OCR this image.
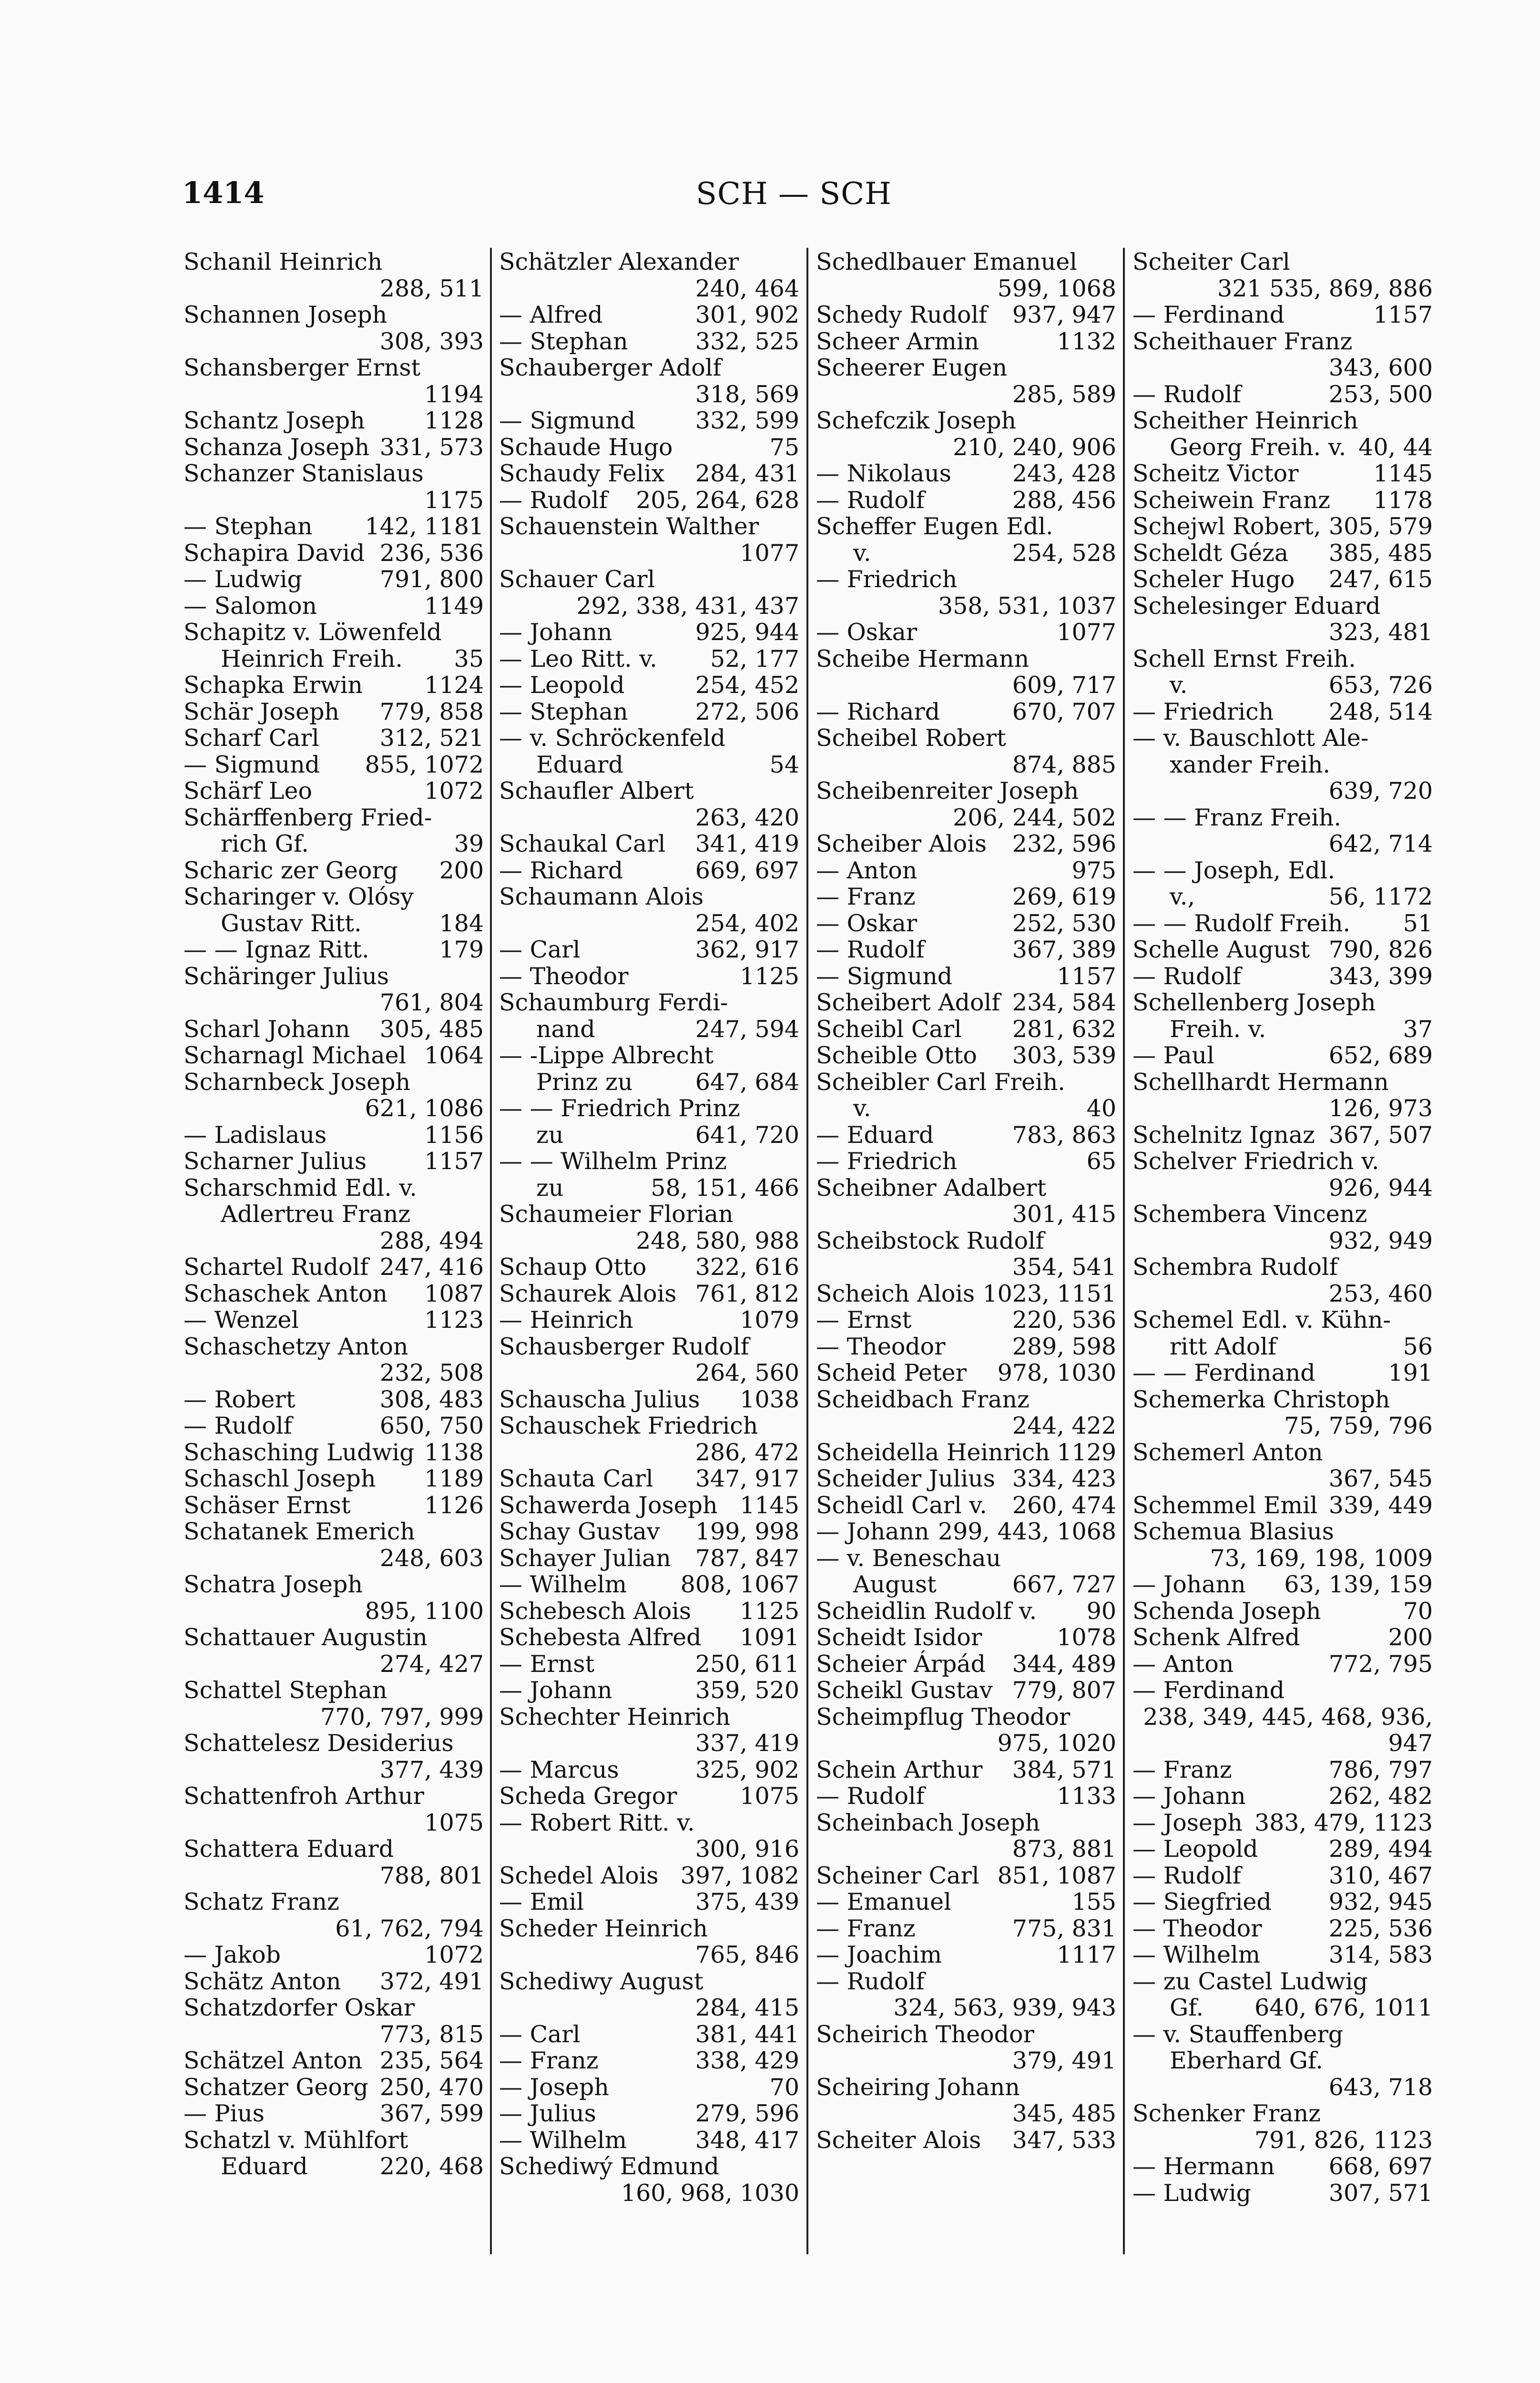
1414	SCH — SCH
Schanil Heinrich
288, 511
Schannen Joseph
308, 393
Schansberger Ernst
1194
Schantz Joseph	1128
Schanza Joseph 331, 573
Schanzer Stanislaus
1175
— Stephan 142, 1181
Schapira David 236, 536
— Ludwig	791, 800
— Salomon	1149
Schapitz v. Löwenfeld
Heinrich Freih. 35
Schapka Erwin	1124
Schär Joseph 779, 858
Scharf Carl	312, 521
— Sigmund 855, 1072
Schärf Leo	1072
Schärffenberg Fried-
rich Gf.	39
Scharic zer Georg 200
Scharinger v. Olósy
Gustav Ritt.	184
— — Ignaz Ritt.	179
Schäringer Julius
761, 804
Scharl Johann 305, 485
Scharnagl Michael 1064
Scharnbeck Joseph
621, 1086
— Ladislaus	1156
Scharner Julius 1157
Scharschmid Edl. v.
Adlertreu Franz
288, 494
Schartel Rudolf 247, 416
Schaschek Anton 1087
— Wenzel	1123
Schaschetzy Anton
232, 508
— Robert	308, 483
— Rudolf	650, 750
Schasching Ludwig 1138
Schaschl Joseph 1189
Schäser Ernst	1126
Schatanek Emerich
248, 603
Schatra Joseph
895, 1100
Schattauer Augustin
274, 427
Schattel Stephan
770, 797, 999
Schattelesz Desiderius
377, 439
Schattenfroh Arthur
1075
Schattera Eduard
788, 801
Schatz Franz
61, 762, 794
— Jakob	1072
Schätz Anton 372, 491
Schatzdorfer Oskar
773, 815
Schätzel Anton 235, 564
Schatzer Georg 250, 470
— Pius	367, 599
Schatzl v. Mühlfort
Eduard	220, 468
Schätzler Alexander
240, 464
— Alfred	301, 902
— Stephan	332, 525
Schauberger Adolf
318, 569
— Sigmund	332, 599
Schaude Hugo	75
Schaudy Felix 284, 431
— Rudolf 205, 264, 628
Schauenstein Walther
1077
Schauer Carl
292, 338, 431, 437
— Johann	925, 944
— Leo Ritt. v. 52, 177
— Leopold	254, 452
— Stephan	272, 506
— v. Schröckenfeld
Eduard	54
Schaufler Albert
263, 420
Schaukal Carl 341, 419
— Richard	669, 697
Schaumann Alois
254, 402
— Carl	362, 917
— Theodor	1125
Schaumburg Ferdi-
nand	247, 594
— -Lippe Albrecht
Prinz zu	647, 684
— — Friedrich Prinz
zu	641, 720
— — Wilhelm Prinz
zu	58, 151, 466
Schaumeier Florian
248, 580, 988
Schaup Otto 322, 616
Schaurek Alois 761, 812
— Heinrich	1079
Schausberger Rudolf
264, 560
Schauscha Julius 1038
Schauschek Friedrich
286, 472
Schauta Carl 347, 917
Schawerda Joseph 1145
Schay Gustav 199, 998
Schayer Julian 787, 847
— Wilhelm 808, 1067
Schebesch Alois 1125
Schebesta Alfred 1091
— Ernst	250, 611
— Johann	359, 520
Schechter Heinrich
337, 419
— Marcus	325, 902
Scheda Gregor	1075
— Robert Ritt. v.
300, 916
Schedel Alois 397, 1082
— Emil	375, 439
Scheder Heinrich
765, 846
Schediwy August
284, 415
— Carl	381, 441
— Franz	338, 429
— Joseph	70
— Julius	279, 596
— Wilhelm	348, 417
Schediwý Edmund
160, 968, 1030
Schedlbauer Emanuel
599, 1068
Schedy Rudolf 937, 947
Scheer Armin	1132
Scheerer Eugen
285, 589
Schefczik Joseph
210, 240, 906
— Nikolaus	243, 428
— Rudolf	288, 456
Scheffer Eugen Edl.
v.	254, 528
— Friedrich
358, 531, 1037
— Oskar	1077
Scheibe Hermann
609, 717
— Richard	670, 707
Scheibel Robert
874, 885
Scheibenreiter Joseph
206, 244, 502
Scheiber Alois 232, 596
— Anton	975
— Franz	269, 619
— Oskar	252, 530
— Rudolf	367, 389
— Sigmund	1157
Scheibert Adolf 234, 584
Scheibl Carl 281, 632
Scheible Otto 303, 539
Scheibler Carl Freih.
v.	40
— Eduard	783, 863
— Friedrich	65
Scheibner Adalbert
301, 415
Scheibstock Rudolf
354, 541
Scheich Alois 1023, 1151
— Ernst	220, 536
— Theodor	289, 598
Scheid Peter 978, 1030
Scheidbach Franz
244, 422
Scheidella Heinrich 1129
Scheider Julius 334, 423
Scheidl Carl v. 260, 474
— Johann 299, 443, 1068
— v. Beneschau
August	667, 727
Scheidlin Rudolf v. 90
Scheidt Isidor	1078
Scheier Árpád 344, 489
Scheikl Gustav 779, 807
Scheimpflug Theodor
975, 1020
Schein Arthur 384, 571
— Rudolf	1133
Scheinbach Joseph
873, 881
Scheiner Carl 851, 1087
— Emanuel	155
— Franz	775, 831
— Joachim	1117
— Rudolf
324, 563, 939, 943
Scheirich Theodor
379, 491
Scheiring Johann
345, 485
Scheiter Alois 347, 533
Scheiter Carl
321 535, 869, 886
— Ferdinand	1157
Scheithauer Franz
343, 600
— Rudolf	253, 500
Scheither Heinrich
Georg Freih. v. 40, 44
Scheitz Victor	1145
Scheiwein Franz 1178
Schejwl Robert, 305, 579
Scheldt Géza 385, 485
Scheler Hugo 247, 615
Schelesinger Eduard
323, 481
Schell Ernst Freih.
v.	653, 726
— Friedrich 248, 514
— v. Bauschlott Ale-
xander Freih.
639, 720
— — Franz Freih.
642, 714
— — Joseph, Edl.
v.,	56, 1172
— — Rudolf Freih. 51
Schelle August 790, 826
— Rudolf	343, 399
Schellenberg Joseph
Freih. v.	37
— Paul	652, 689
Schellhardt Hermann
126, 973
Schelnitz Ignaz 367, 507
Schelver Friedrich v.
926, 944
Schembera Vincenz
932, 949
Schembra Rudolf
253, 460
Schemel Edl. v. Kühn-
ritt Adolf	56
— — Ferdinand	191
Schemerka Christoph
75, 759, 796
Schemerl Anton
367, 545
Schemmel Emil 339, 449
Schemua Blasius
73, 169, 198, 1009
— Johann 63, 139, 159
Schenda Joseph	70
Schenk Alfred	200
— Anton	772, 795
— Ferdinand
238, 349, 445, 468, 936, 947
— Franz	786, 797
— Johann	262, 482
— Joseph 383, 479, 1123
— Leopold	289, 494
— Rudolf	310, 467
— Siegfried 932, 945
— Theodor	225, 536
— Wilhelm	314, 583
— zu Castel Ludwig
Gf. 640, 676, 1011
— v. Stauffenberg
Eberhard Gf.
643, 718
Schenker Franz
791, 826, 1123
— Hermann 668, 697
— Ludwig	307, 571
